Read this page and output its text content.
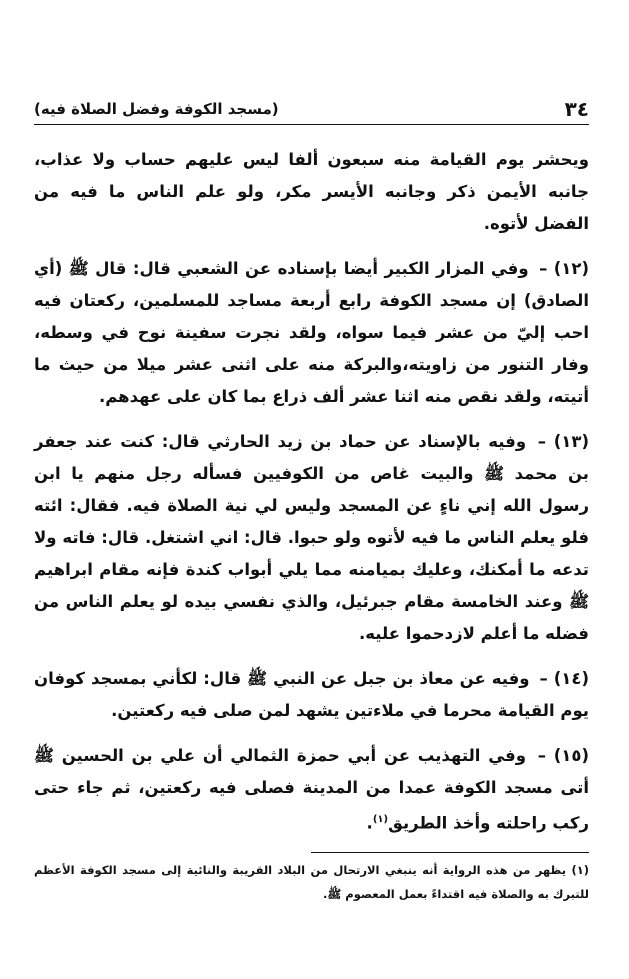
٣٤
(مسجد الكوفة وفضل الصلاة فيه)

ويحشر يوم القيامة منه سبعون ألفا ليس عليهم حساب ولا عذاب، جانبه الأيمن ذكر وجانبه الأيسر مكر، ولو علم الناس ما فيه من الفضل لأتوه.

(١٢) – وفي المزار الكبير أيضا بإسناده عن الشعبي قال: قال ﷺ (أي الصادق) إن مسجد الكوفة رابع أربعة مساجد للمسلمين، ركعتان فيه احب إليّ من عشر فيما سواه، ولقد نجرت سفينة نوح في وسطه، وفار التنور من زاويته،والبركة منه على اثنى عشر ميلا من حيث ما أتيته، ولقد نقص منه اثنا عشر ألف ذراع بما كان على عهدهم.

(١٣) – وفيه بالإسناد عن حماد بن زيد الحارثي قال: كنت عند جعفر بن محمد ﷺ والبيت غاص من الكوفيين فسأله رجل منهم يا ابن رسول الله إني ناءٍ عن المسجد وليس لي نية الصلاة فيه. فقال: ائته فلو يعلم الناس ما فيه لأتوه ولو حبوا. قال: اني اشتغل. قال: فاته ولا تدعه ما أمكنك، وعليك بميامنه مما يلي أبواب كندة فإنه مقام ابراهيم ﷺ وعند الخامسة مقام جبرئيل، والذي نفسي بيده لو يعلم الناس من فضله ما أعلم لازدحموا عليه.

(١٤) – وفيه عن معاذ بن جبل عن النبي ﷺ قال: لكأني بمسجد كوفان يوم القيامة محرما في ملاءتين يشهد لمن صلى فيه ركعتين.

(١٥) – وفي التهذيب عن أبي حمزة الثمالي أن علي بن الحسين ﷺ أتى مسجد الكوفة عمدا من المدينة فصلى فيه ركعتين، ثم جاء حتى ركب راحلته وأخذ الطريق$^{(١)}$.

(١) يظهر من هذه الرواية أنه ينبغي الارتحال من البلاد القريبة والنائية إلى مسجد الكوفة الأعظم للتبرك به والصلاة فيه اقتداءً بعمل المعصوم ﷺ.
